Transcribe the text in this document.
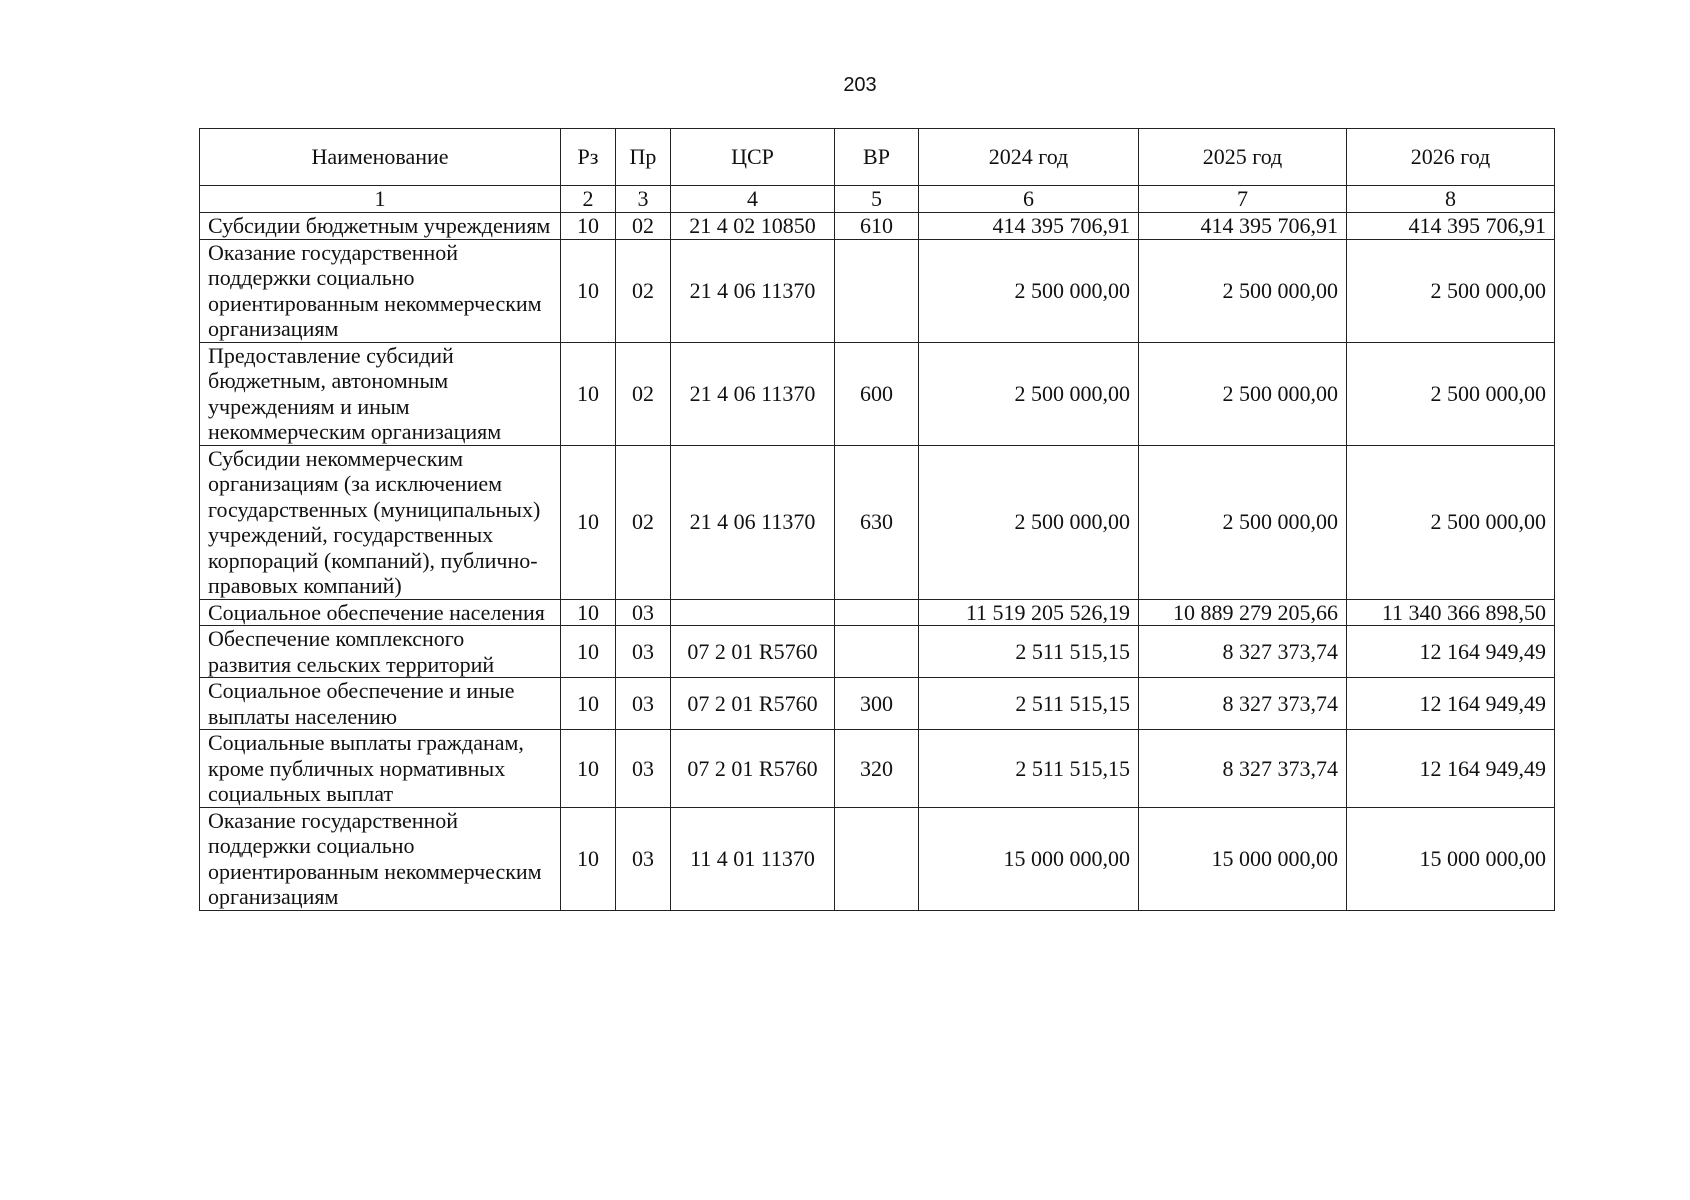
203
Наименование	Рз	Пр	ЦСР	ВР	2024 год	2025 год	2026 год
1	2	3	4	5	6	7	8
Субсидии бюджетным учреждениям	10	02	21 4 02 10850	610	414 395 706,91	414 395 706,91	414 395 706,91
Оказание государственной поддержки социально ориентированным некоммерческим организациям	10	02	21 4 06 11370		2 500 000,00	2 500 000,00	2 500 000,00
Предоставление субсидий бюджетным, автономным учреждениям и иным некоммерческим организациям	10	02	21 4 06 11370	600	2 500 000,00	2 500 000,00	2 500 000,00
Субсидии некоммерческим организациям (за исключением государственных (муниципальных) учреждений, государственных корпораций (компаний), публично-правовых компаний)	10	02	21 4 06 11370	630	2 500 000,00	2 500 000,00	2 500 000,00
Социальное обеспечение населения	10	03			11 519 205 526,19	10 889 279 205,66	11 340 366 898,50
Обеспечение комплексного развития сельских территорий	10	03	07 2 01 R5760		2 511 515,15	8 327 373,74	12 164 949,49
Социальное обеспечение и иные выплаты населению	10	03	07 2 01 R5760	300	2 511 515,15	8 327 373,74	12 164 949,49
Социальные выплаты гражданам, кроме публичных нормативных социальных выплат	10	03	07 2 01 R5760	320	2 511 515,15	8 327 373,74	12 164 949,49
Оказание государственной поддержки социально ориентированным некоммерческим организациям	10	03	11 4 01 11370		15 000 000,00	15 000 000,00	15 000 000,00
